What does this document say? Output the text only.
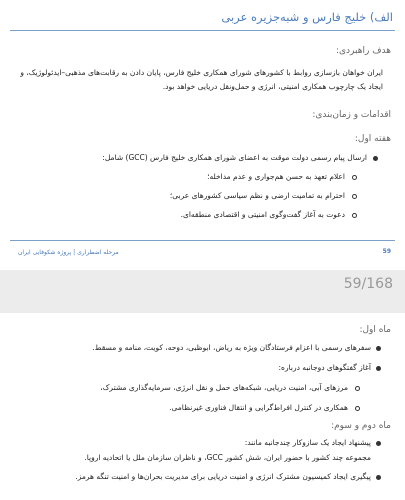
الف) خلیج فارس و شبه‌جزیره عربی
هدف راهبردی:
ایران خواهان بازسازی روابط با کشورهای شورای همکاری خلیج فارس، پایان دادن به رقابت‌های مذهبی–ایدئولوژیک، و
ایجاد یک چارچوب همکاری امنیتی، انرژی و حمل‌ونقل دریایی خواهد بود.
اقدامات و زمان‌بندی:
هفته اول:
ارسال پیام رسمی دولت موقت به اعضای شورای همکاری خلیج فارس (GCC) شامل:
اعلام تعهد به حسن هم‌جواری و عدم مداخله؛
احترام به تمامیت ارضی و نظم سیاسی کشورهای عربی؛
دعوت به آغاز گفت‌وگوی امنیتی و اقتصادی منطقه‌ای.
مرحله اضطراری | پروژه شکوفایی ایران	59
59/168
ماه اول:
سفرهای رسمی با اعزام فرستادگان ویژه به ریاض، ابوظبی، دوحه، کویت، منامه و مسقط.
آغاز گفتگوهای دوجانبه درباره:
مرزهای آبی، امنیت دریایی، شبکه‌های حمل و نقل انرژی، سرمایه‌گذاری مشترک،
همکاری در کنترل افراط‌گرایی و انتقال فناوری غیرنظامی.
ماه دوم و سوم:
پیشنهاد ایجاد یک سازوکار چندجانبه مانند:
مجموعه چند کشور با حضور ایران، شش کشور GCC، و ناظران سازمان ملل یا اتحادیه اروپا.
پیگیری ایجاد کمیسیون مشترک انرژی و امنیت دریایی برای مدیریت بحران‌ها و امنیت تنگه هرمز.
